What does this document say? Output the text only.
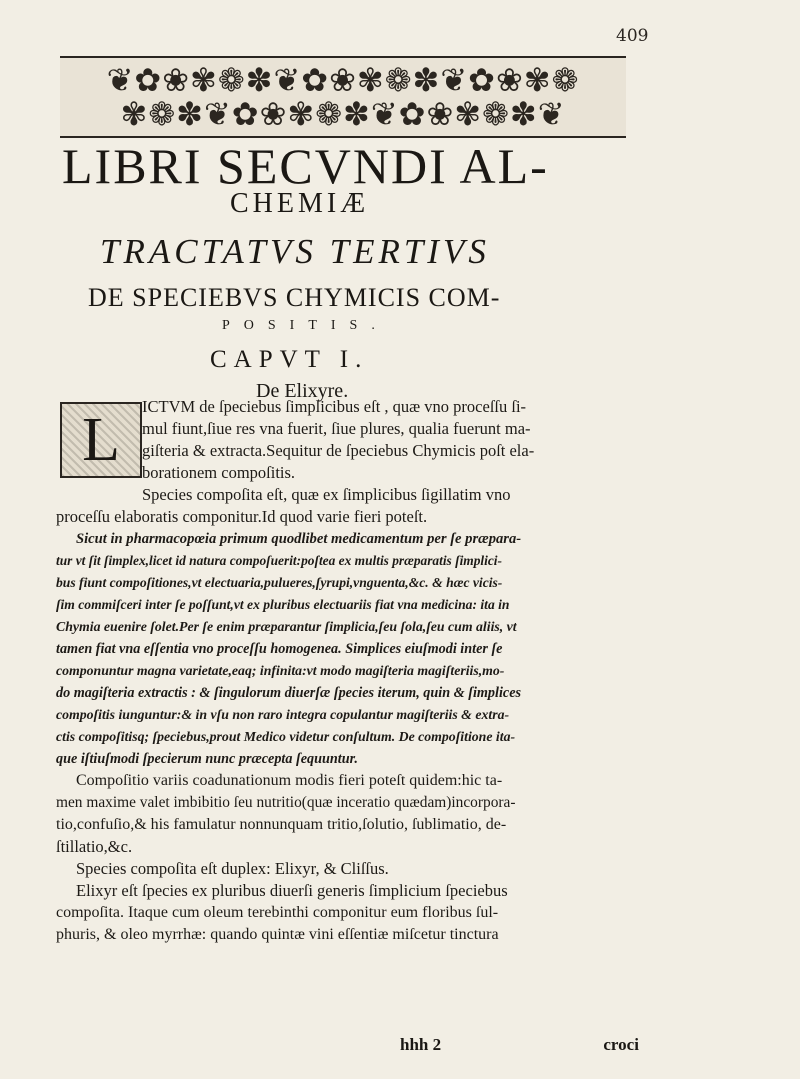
409
❦✿❀✾❁✽❦✿❀✾❁✽❦✿❀✾❁
✾❁✽❦✿❀✾❁✽❦✿❀✾❁✽❦
LIBRI SECVNDI AL-
CHEMIÆ
TRACTATVS TERTIVS
DE SPECIEBVS CHYMICIS COM-
POSITIS.
CAPVT I.
De Elixyre.
L	ICTVM de ſpeciebus ſimplicibus eſt , quæ vno proceſſu ſi-
mul fiunt,ſiue res vna fuerit, ſiue plures, qualia fuerunt ma-
giſteria & extracta.Sequitur de ſpeciebus Chymicis poſt ela-
borationem compoſitis.
Species compoſita eſt, quæ ex ſimplicibus ſigillatim vno
proceſſu elaboratis componitur.Id quod varie fieri poteſt.
Sicut in pharmacopœia primum quodlibet medicamentum per ſe præpara-
tur vt ſit ſimplex,licet id natura compoſuerit:poſtea ex multis præparatis ſimplici-
bus fiunt compoſitiones,vt electuaria,pulueres,ſyrupi,vnguenta,&c. & hæc vicis-
ſim commiſceri inter ſe poſſunt,vt ex pluribus electuariis fiat vna medicina: ita in
Chymia euenire ſolet.Per ſe enim præparantur ſimplicia,ſeu ſola,ſeu cum aliis, vt
tamen fiat vna eſſentia vno proceſſu homogenea. Simplices eiuſmodi inter ſe
componuntur magna varietate,eaq; infinita:vt modo magiſteria magiſteriis,mo-
do magiſteria extractis : & ſingulorum diuerſæ ſpecies iterum, quin & ſimplices
compoſitis iunguntur:& in vſu non raro integra copulantur magiſteriis & extra-
ctis compoſitisq; ſpeciebus,prout Medico videtur conſultum. De compoſitione ita-
que iſtiuſmodi ſpecierum nunc præcepta ſequuntur.
Compoſitio variis coadunationum modis fieri poteſt quidem:hic ta-
men maxime valet imbibitio ſeu nutritio(quæ inceratio quædam)incorpora-
tio,confuſio,& his famulatur nonnunquam tritio,ſolutio, ſublimatio, de-
ſtillatio,&c.
Species compoſita eſt duplex: Elixyr, & Cliſſus.
Elixyr eſt ſpecies ex pluribus diuerſi generis ſimplicium ſpeciebus
compoſita. Itaque cum oleum terebinthi componitur eum floribus ſul-
phuris, & oleo myrrhæ: quando quintæ vini eſſentiæ miſcetur tinctura
hhh 2	croci
